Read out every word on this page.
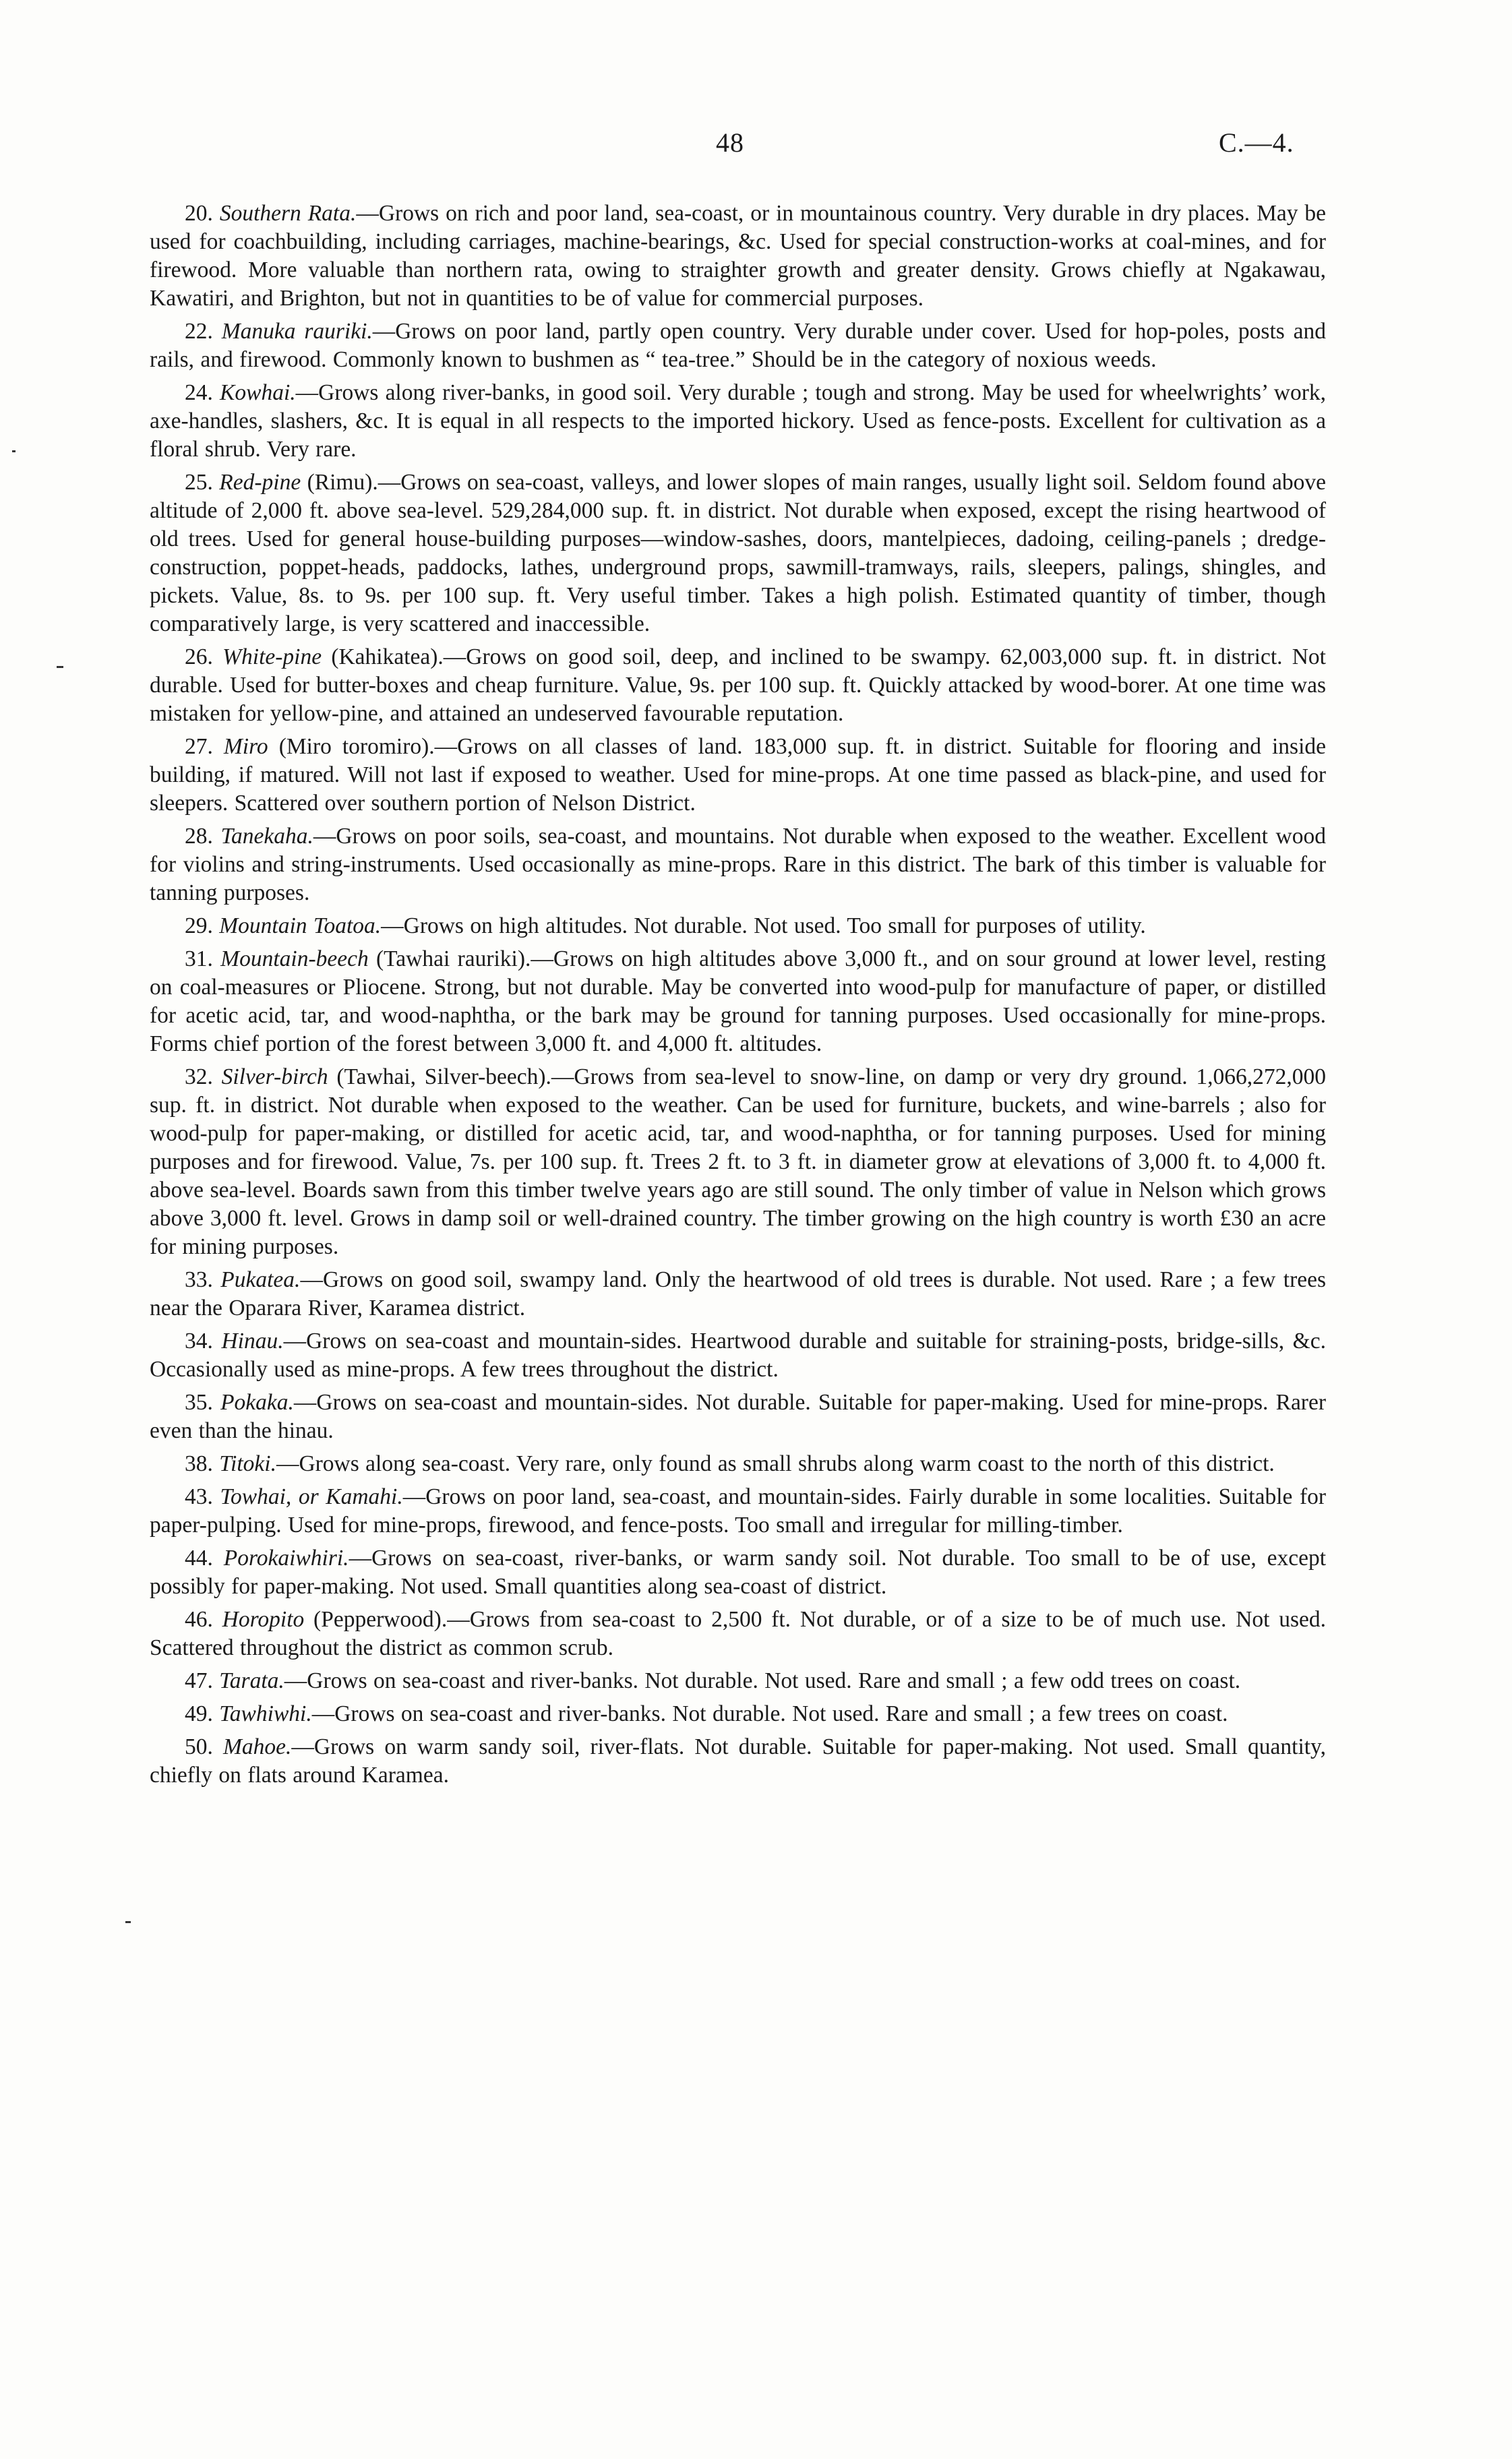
48	C.—4.

20. Southern Rata.—Grows on rich and poor land, sea-coast, or in mountainous country. Very durable in dry places. May be used for coachbuilding, including carriages, machine-bearings, &c. Used for special construction-works at coal-mines, and for firewood. More valuable than northern rata, owing to straighter growth and greater density. Grows chiefly at Ngakawau, Kawatiri, and Brighton, but not in quantities to be of value for commercial purposes.

22. Manuka rauriki.—Grows on poor land, partly open country. Very durable under cover. Used for hop-poles, posts and rails, and firewood. Commonly known to bushmen as “ tea-tree.” Should be in the category of noxious weeds.

24. Kowhai.—Grows along river-banks, in good soil. Very durable ; tough and strong. May be used for wheelwrights’ work, axe-handles, slashers, &c. It is equal in all respects to the imported hickory. Used as fence-posts. Excellent for cultivation as a floral shrub. Very rare.

25. Red-pine (Rimu).—Grows on sea-coast, valleys, and lower slopes of main ranges, usually light soil. Seldom found above altitude of 2,000 ft. above sea-level. 529,284,000 sup. ft. in district. Not durable when exposed, except the rising heartwood of old trees. Used for general house-building purposes—window-sashes, doors, mantelpieces, dadoing, ceiling-panels ; dredge-construction, poppet-heads, paddocks, lathes, underground props, sawmill-tramways, rails, sleepers, palings, shingles, and pickets. Value, 8s. to 9s. per 100 sup. ft. Very useful timber. Takes a high polish. Estimated quantity of timber, though comparatively large, is very scattered and inaccessible.

26. White-pine (Kahikatea).—Grows on good soil, deep, and inclined to be swampy. 62,003,000 sup. ft. in district. Not durable. Used for butter-boxes and cheap furniture. Value, 9s. per 100 sup. ft. Quickly attacked by wood-borer. At one time was mistaken for yellow-pine, and attained an undeserved favourable reputation.

27. Miro (Miro toromiro).—Grows on all classes of land. 183,000 sup. ft. in district. Suitable for flooring and inside building, if matured. Will not last if exposed to weather. Used for mine-props. At one time passed as black-pine, and used for sleepers. Scattered over southern portion of Nelson District.

28. Tanekaha.—Grows on poor soils, sea-coast, and mountains. Not durable when exposed to the weather. Excellent wood for violins and string-instruments. Used occasionally as mine-props. Rare in this district. The bark of this timber is valuable for tanning purposes.

29. Mountain Toatoa.—Grows on high altitudes. Not durable. Not used. Too small for purposes of utility.

31. Mountain-beech (Tawhai rauriki).—Grows on high altitudes above 3,000 ft., and on sour ground at lower level, resting on coal-measures or Pliocene. Strong, but not durable. May be converted into wood-pulp for manufacture of paper, or distilled for acetic acid, tar, and wood-naphtha, or the bark may be ground for tanning purposes. Used occasionally for mine-props. Forms chief portion of the forest between 3,000 ft. and 4,000 ft. altitudes.

32. Silver-birch (Tawhai, Silver-beech).—Grows from sea-level to snow-line, on damp or very dry ground. 1,066,272,000 sup. ft. in district. Not durable when exposed to the weather. Can be used for furniture, buckets, and wine-barrels ; also for wood-pulp for paper-making, or distilled for acetic acid, tar, and wood-naphtha, or for tanning purposes. Used for mining purposes and for firewood. Value, 7s. per 100 sup. ft. Trees 2 ft. to 3 ft. in diameter grow at elevations of 3,000 ft. to 4,000 ft. above sea-level. Boards sawn from this timber twelve years ago are still sound. The only timber of value in Nelson which grows above 3,000 ft. level. Grows in damp soil or well-drained country. The timber growing on the high country is worth £30 an acre for mining purposes.

33. Pukatea.—Grows on good soil, swampy land. Only the heartwood of old trees is durable. Not used. Rare ; a few trees near the Oparara River, Karamea district.

34. Hinau.—Grows on sea-coast and mountain-sides. Heartwood durable and suitable for straining-posts, bridge-sills, &c. Occasionally used as mine-props. A few trees throughout the district.

35. Pokaka.—Grows on sea-coast and mountain-sides. Not durable. Suitable for paper-making. Used for mine-props. Rarer even than the hinau.

38. Titoki.—Grows along sea-coast. Very rare, only found as small shrubs along warm coast to the north of this district.

43. Towhai, or Kamahi.—Grows on poor land, sea-coast, and mountain-sides. Fairly durable in some localities. Suitable for paper-pulping. Used for mine-props, firewood, and fence-posts. Too small and irregular for milling-timber.

44. Porokaiwhiri.—Grows on sea-coast, river-banks, or warm sandy soil. Not durable. Too small to be of use, except possibly for paper-making. Not used. Small quantities along sea-coast of district.

46. Horopito (Pepperwood).—Grows from sea-coast to 2,500 ft. Not durable, or of a size to be of much use. Not used. Scattered throughout the district as common scrub.

47. Tarata.—Grows on sea-coast and river-banks. Not durable. Not used. Rare and small ; a few odd trees on coast.

49. Tawhiwhi.—Grows on sea-coast and river-banks. Not durable. Not used. Rare and small ; a few trees on coast.

50. Mahoe.—Grows on warm sandy soil, river-flats. Not durable. Suitable for paper-making. Not used. Small quantity, chiefly on flats around Karamea.
